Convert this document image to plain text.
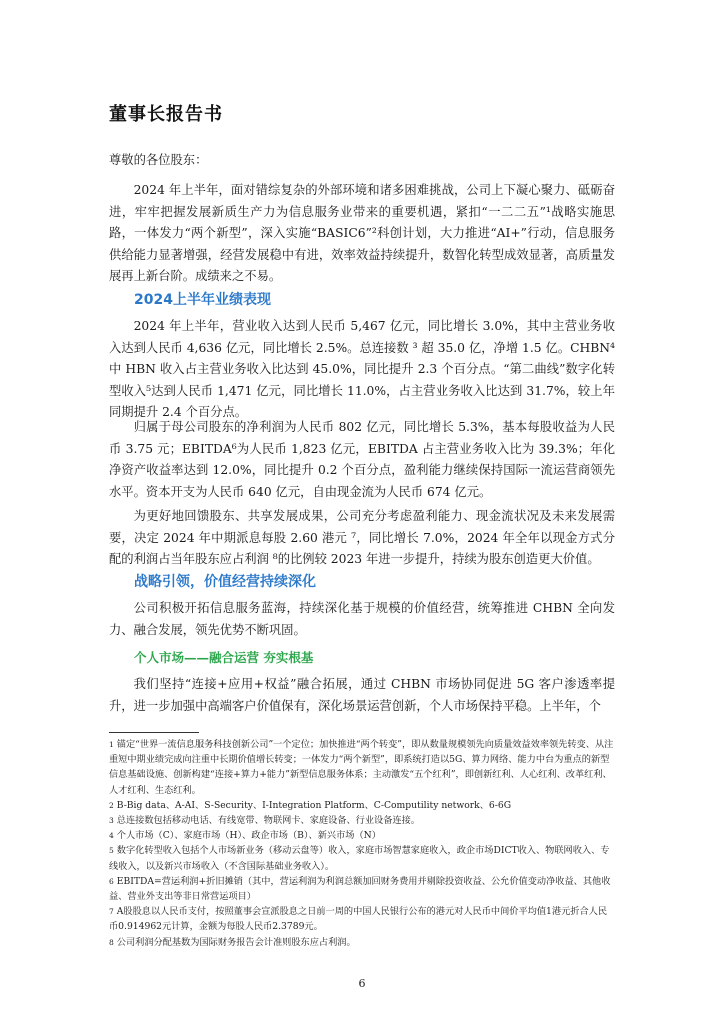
董事长报告书

尊敬的各位股东：

2024 年上半年，面对错综复杂的外部环境和诸多困难挑战，公司上下凝心聚力、砥砺奋进，牢牢把握发展新质生产力为信息服务业带来的重要机遇，紧扣“一二二五”¹战略实施思路，一体发力“两个新型”，深入实施“BASIC6”²科创计划，大力推进“AI+”行动，信息服务供给能力显著增强，经营发展稳中有进，效率效益持续提升，数智化转型成效显著，高质量发展再上新台阶。成绩来之不易。

2024上半年业绩表现

2024 年上半年，营业收入达到人民币 5,467 亿元，同比增长 3.0%，其中主营业务收入达到人民币 4,636 亿元，同比增长 2.5%。总连接数 ³ 超 35.0 亿，净增 1.5 亿。CHBN⁴中 HBN 收入占主营业务收入比达到 45.0%，同比提升 2.3 个百分点。“第二曲线”数字化转型收入⁵达到人民币 1,471 亿元，同比增长 11.0%，占主营业务收入比达到 31.7%，较上年同期提升 2.4 个百分点。

归属于母公司股东的净利润为人民币 802 亿元，同比增长 5.3%，基本每股收益为人民币 3.75 元；EBITDA⁶为人民币 1,823 亿元，EBITDA 占主营业务收入比为 39.3%；年化净资产收益率达到 12.0%，同比提升 0.2 个百分点，盈利能力继续保持国际一流运营商领先水平。资本开支为人民币 640 亿元，自由现金流为人民币 674 亿元。

为更好地回馈股东、共享发展成果，公司充分考虑盈利能力、现金流状况及未来发展需要，决定 2024 年中期派息每股 2.60 港元 ⁷，同比增长 7.0%，2024 年全年以现金方式分配的利润占当年股东应占利润 ⁸的比例较 2023 年进一步提升，持续为股东创造更大价值。

战略引领，价值经营持续深化

公司积极开拓信息服务蓝海，持续深化基于规模的价值经营，统筹推进 CHBN 全向发力、融合发展，领先优势不断巩固。

个人市场——融合运营 夯实根基

我们坚持“连接+应用+权益”融合拓展，通过 CHBN 市场协同促进 5G 客户渗透率提升，进一步加强中高端客户价值保有，深化场景运营创新，个人市场保持平稳。上半年，个

$^1$ 锚定“世界一流信息服务科技创新公司”一个定位；加快推进“两个转变”，即从数量规模领先向质量效益效率领先转变、从注重短中期业绩完成向注重中长期价值增长转变；一体发力“两个新型”，即系统打造以5G、算力网络、能力中台为重点的新型信息基础设施、创新构建“连接+算力+能力”新型信息服务体系；主动激发“五个红利”，即创新红利、人心红利、改革红利、人才红利、生态红利。

$^2$ B-Big data、A-AI、S-Security、I-Integration Platform、C-Computility network、6-6G

$^3$ 总连接数包括移动电话、有线宽带、物联网卡、家庭设备、行业设备连接。

$^4$ 个人市场（C）、家庭市场（H）、政企市场（B）、新兴市场（N）

$^5$ 数字化转型收入包括个人市场新业务（移动云盘等）收入，家庭市场智慧家庭收入，政企市场DICT收入、物联网收入、专线收入，以及新兴市场收入（不含国际基础业务收入）。

$^6$ EBITDA=营运利润+折旧摊销（其中，营运利润为利润总额加回财务费用并剔除投资收益、公允价值变动净收益、其他收益、营业外支出等非日常营运项目）

$^7$ A股股息以人民币支付，按照董事会宣派股息之日前一周的中国人民银行公布的港元对人民币中间价平均值1港元折合人民币0.914962元计算，金额为每股人民币2.3789元。

$^8$ 公司利润分配基数为国际财务报告会计准则股东应占利润。

6
